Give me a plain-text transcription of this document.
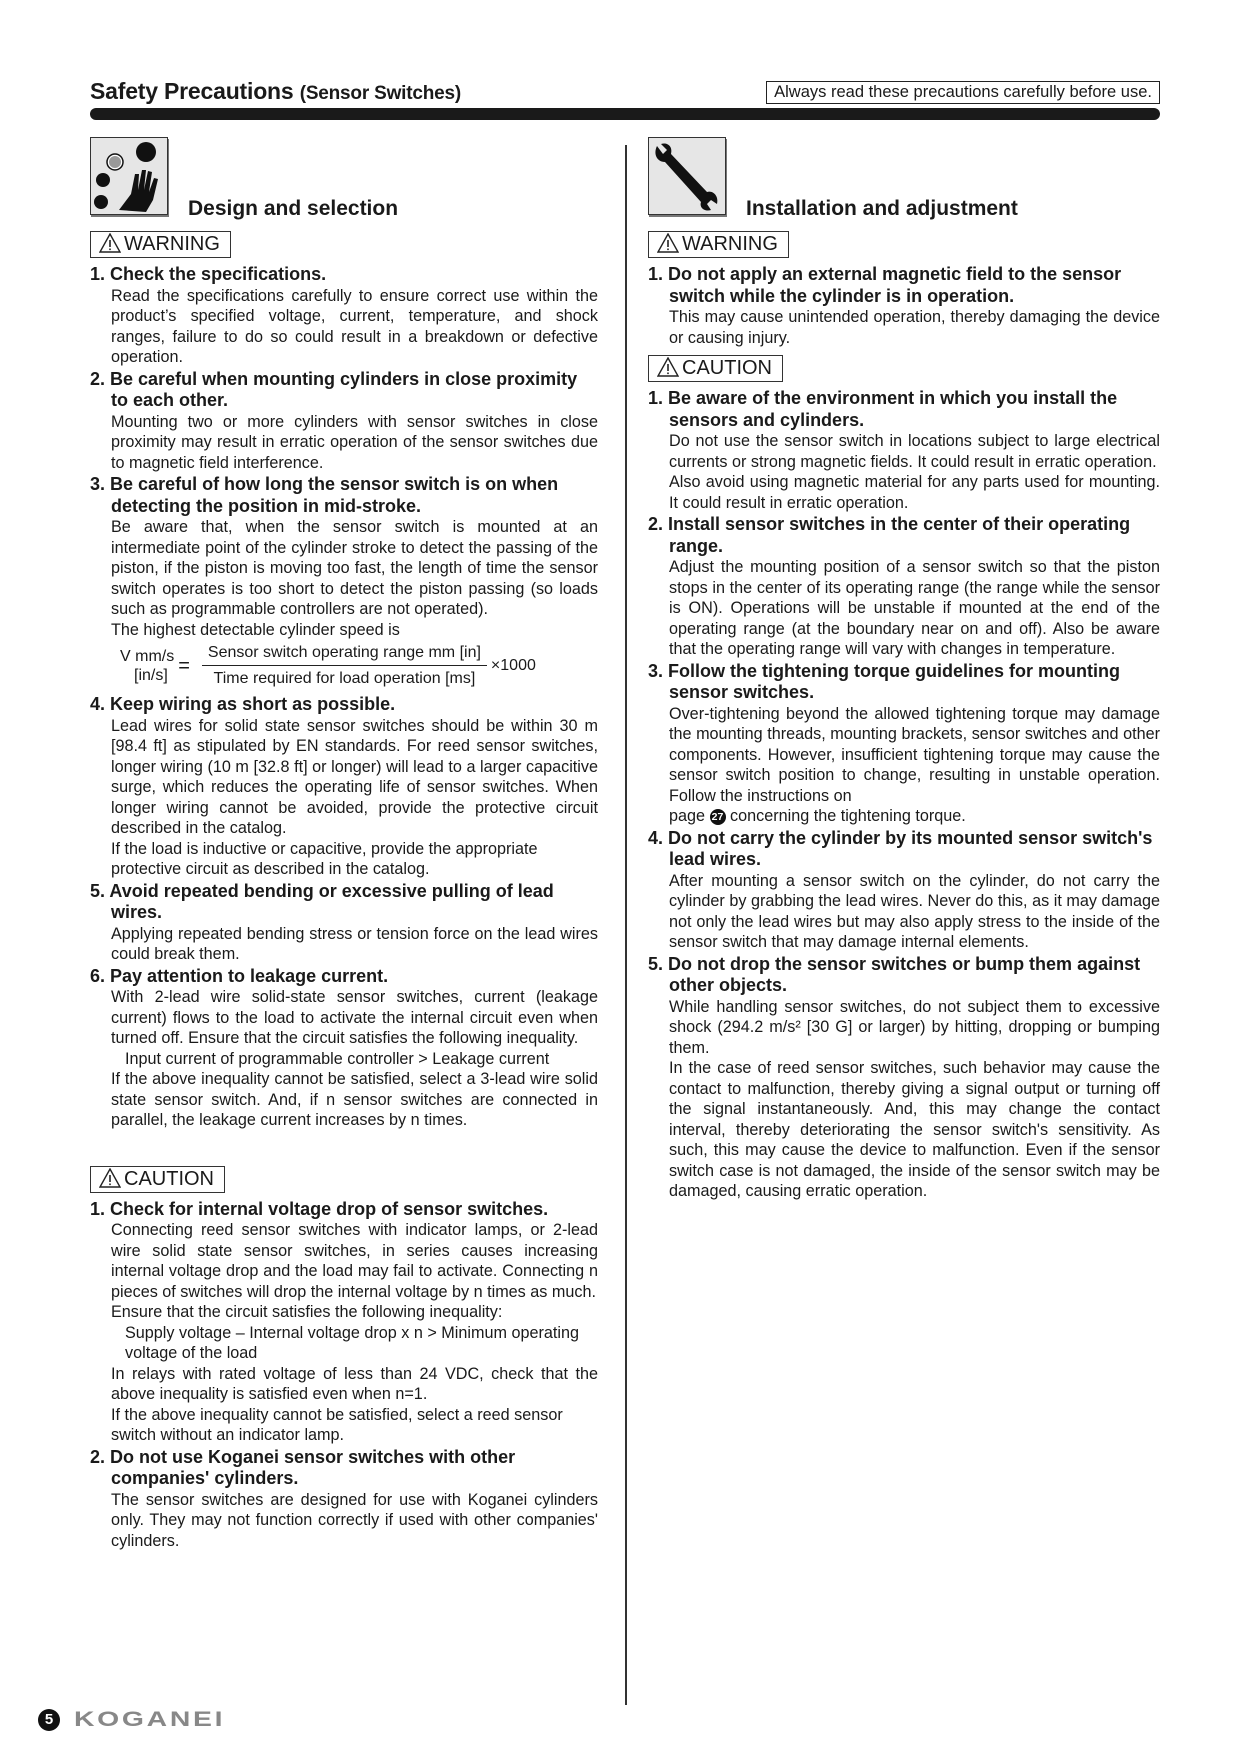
Safety Precautions (Sensor Switches)	Always read these precautions carefully before use.
Design and selection
WARNING
1. Check the specifications.
Read the specifications carefully to ensure correct use within the product’s specified voltage, current, temperature, and shock ranges, failure to do so could result in a breakdown or defective operation.
2. Be careful when mounting cylinders in close proximity to each other.
Mounting two or more cylinders with sensor switches in close proximity may result in erratic operation of the sensor switches due to magnetic field interference.
3. Be careful of how long the sensor switch is on when detecting the position in mid-stroke.
Be aware that, when the sensor switch is mounted at an intermediate point of the cylinder stroke to detect the passing of the piston, if the piston is moving too fast, the length of time the sensor switch operates is too short to detect the piston passing (so loads such as programmable controllers are not operated).
The highest detectable cylinder speed is
V mm/s
$[in/s] = \frac{\text{Sensor switch operating range mm [in]}}{\text{Time required for load operation [ms]}} \times 1000$
4. Keep wiring as short as possible.
Lead wires for solid state sensor switches should be within 30 m [98.4 ft] as stipulated by EN standards. For reed sensor switches, longer wiring (10 m [32.8 ft] or longer) will lead to a larger capacitive surge, which reduces the operating life of sensor switches. When longer wiring cannot be avoided, provide the protective circuit described in the catalog.
If the load is inductive or capacitive, provide the appropriate protective circuit as described in the catalog.
5. Avoid repeated bending or excessive pulling of lead wires.
Applying repeated bending stress or tension force on the lead wires could break them.
6. Pay attention to leakage current.
With 2-lead wire solid-state sensor switches, current (leakage current) flows to the load to activate the internal circuit even when turned off. Ensure that the circuit satisfies the following inequality.
Input current of programmable controller > Leakage current
If the above inequality cannot be satisfied, select a 3-lead wire solid state sensor switch. And, if n sensor switches are connected in parallel, the leakage current increases by n times.
CAUTION
1. Check for internal voltage drop of sensor switches.
Connecting reed sensor switches with indicator lamps, or 2-lead wire solid state sensor switches, in series causes increasing internal voltage drop and the load may fail to activate. Connecting n pieces of switches will drop the internal voltage by n times as much.
Ensure that the circuit satisfies the following inequality:
Supply voltage – Internal voltage drop x n > Minimum operating voltage of the load
In relays with rated voltage of less than 24 VDC, check that the above inequality is satisfied even when n=1.
If the above inequality cannot be satisfied, select a reed sensor switch without an indicator lamp.
2. Do not use Koganei sensor switches with other companies' cylinders.
The sensor switches are designed for use with Koganei cylinders only. They may not function correctly if used with other companies' cylinders.
Installation and adjustment
WARNING
1. Do not apply an external magnetic field to the sensor switch while the cylinder is in operation.
This may cause unintended operation, thereby damaging the device or causing injury.
CAUTION
1. Be aware of the environment in which you install the sensors and cylinders.
Do not use the sensor switch in locations subject to large electrical currents or strong magnetic fields. It could result in erratic operation.
Also avoid using magnetic material for any parts used for mounting. It could result in erratic operation.
2. Install sensor switches in the center of their operating range.
Adjust the mounting position of a sensor switch so that the piston stops in the center of its operating range (the range while the sensor is ON). Operations will be unstable if mounted at the end of the operating range (at the boundary near on and off). Also be aware that the operating range will vary with changes in temperature.
3. Follow the tightening torque guidelines for mounting sensor switches.
Over-tightening beyond the allowed tightening torque may damage the mounting threads, mounting brackets, sensor switches and other components. However, insufficient tightening torque may cause the sensor switch position to change, resulting in unstable operation. Follow the instructions on
page 27 concerning the tightening torque.
4. Do not carry the cylinder by its mounted sensor switch's lead wires.
After mounting a sensor switch on the cylinder, do not carry the cylinder by grabbing the lead wires. Never do this, as it may damage not only the lead wires but may also apply stress to the inside of the sensor switch that may damage internal elements.
5. Do not drop the sensor switches or bump them against other objects.
While handling sensor switches, do not subject them to excessive shock (294.2 m/s² [30 G] or larger) by hitting, dropping or bumping them.
In the case of reed sensor switches, such behavior may cause the contact to malfunction, thereby giving a signal output or turning off the signal instantaneously. And, this may change the contact interval, thereby deteriorating the sensor switch's sensitivity. As such, this may cause the device to malfunction. Even if the sensor switch case is not damaged, the inside of the sensor switch may be damaged, causing erratic operation.
5 KOGANEI
